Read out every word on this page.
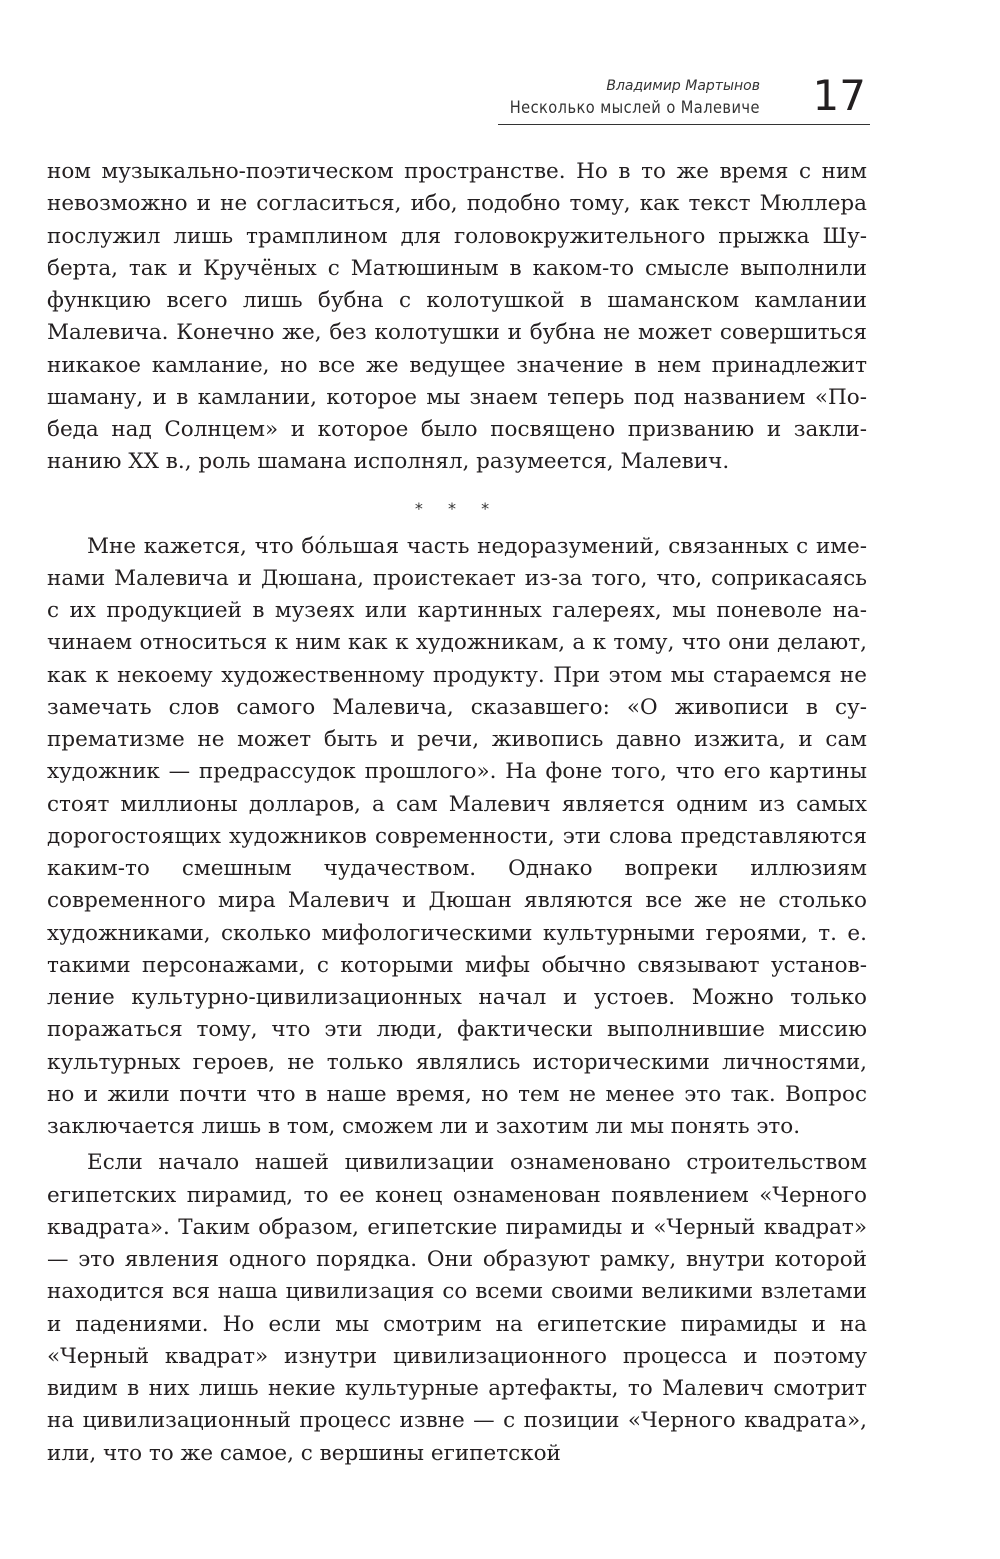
Владимир Мартынов
Несколько мыслей о Малевиче 17

ном музыкально-поэтическом пространстве. Но в то же время с ним невозможно и не согласиться, ибо, подобно тому, как текст Мюллера послужил лишь трамплином для головокружительного прыжка Шуберта, так и Кручёных с Матюшиным в каком-то смысле выполнили функцию всего лишь бубна с колотушкой в шаманском камлании Малевича. Конечно же, без колотушки и бубна не может совершиться никакое камлание, но все же ведущее значение в нем принадлежит шаману, и в камлании, которое мы знаем теперь под названием «Победа над Солнцем» и которое было посвящено призванию и заклинанию XX в., роль шамана исполнял, разумеется, Малевич.

* * *

Мне кажется, что бóльшая часть недоразумений, связанных с именами Малевича и Дюшана, проистекает из-за того, что, соприкасаясь с их продукцией в музеях или картинных галереях, мы поневоле начинаем относиться к ним как к художникам, а к тому, что они делают, как к некоему художественному продукту. При этом мы стараемся не замечать слов самого Малевича, сказавшего: «О живописи в супрематизме не может быть и речи, живопись давно изжита, и сам художник — предрассудок прошлого». На фоне того, что его картины стоят миллионы долларов, а сам Малевич является одним из самых дорогостоящих художников современности, эти слова представляются каким-то смешным чудачеством. Однако вопреки иллюзиям современного мира Малевич и Дюшан являются все же не столько художниками, сколько мифологическими культурными героями, т. е. такими персонажами, с которыми мифы обычно связывают установление культурно-цивилизационных начал и устоев. Можно только поражаться тому, что эти люди, фактически выполнившие миссию культурных героев, не только являлись историческими личностями, но и жили почти что в наше время, но тем не менее это так. Вопрос заключается лишь в том, сможем ли и захотим ли мы понять это.

Если начало нашей цивилизации ознаменовано строительством египетских пирамид, то ее конец ознаменован появлением «Черного квадрата». Таким образом, египетские пирамиды и «Черный квадрат» — это явления одного порядка. Они образуют рамку, внутри которой находится вся наша цивилизация со всеми своими великими взлетами и падениями. Но если мы смотрим на египетские пирамиды и на «Черный квадрат» изнутри цивилизационного процесса и поэтому видим в них лишь некие культурные артефакты, то Малевич смотрит на цивилизационный процесс извне — с позиции «Черного квадрата», или, что то же самое, с вершины египетской
